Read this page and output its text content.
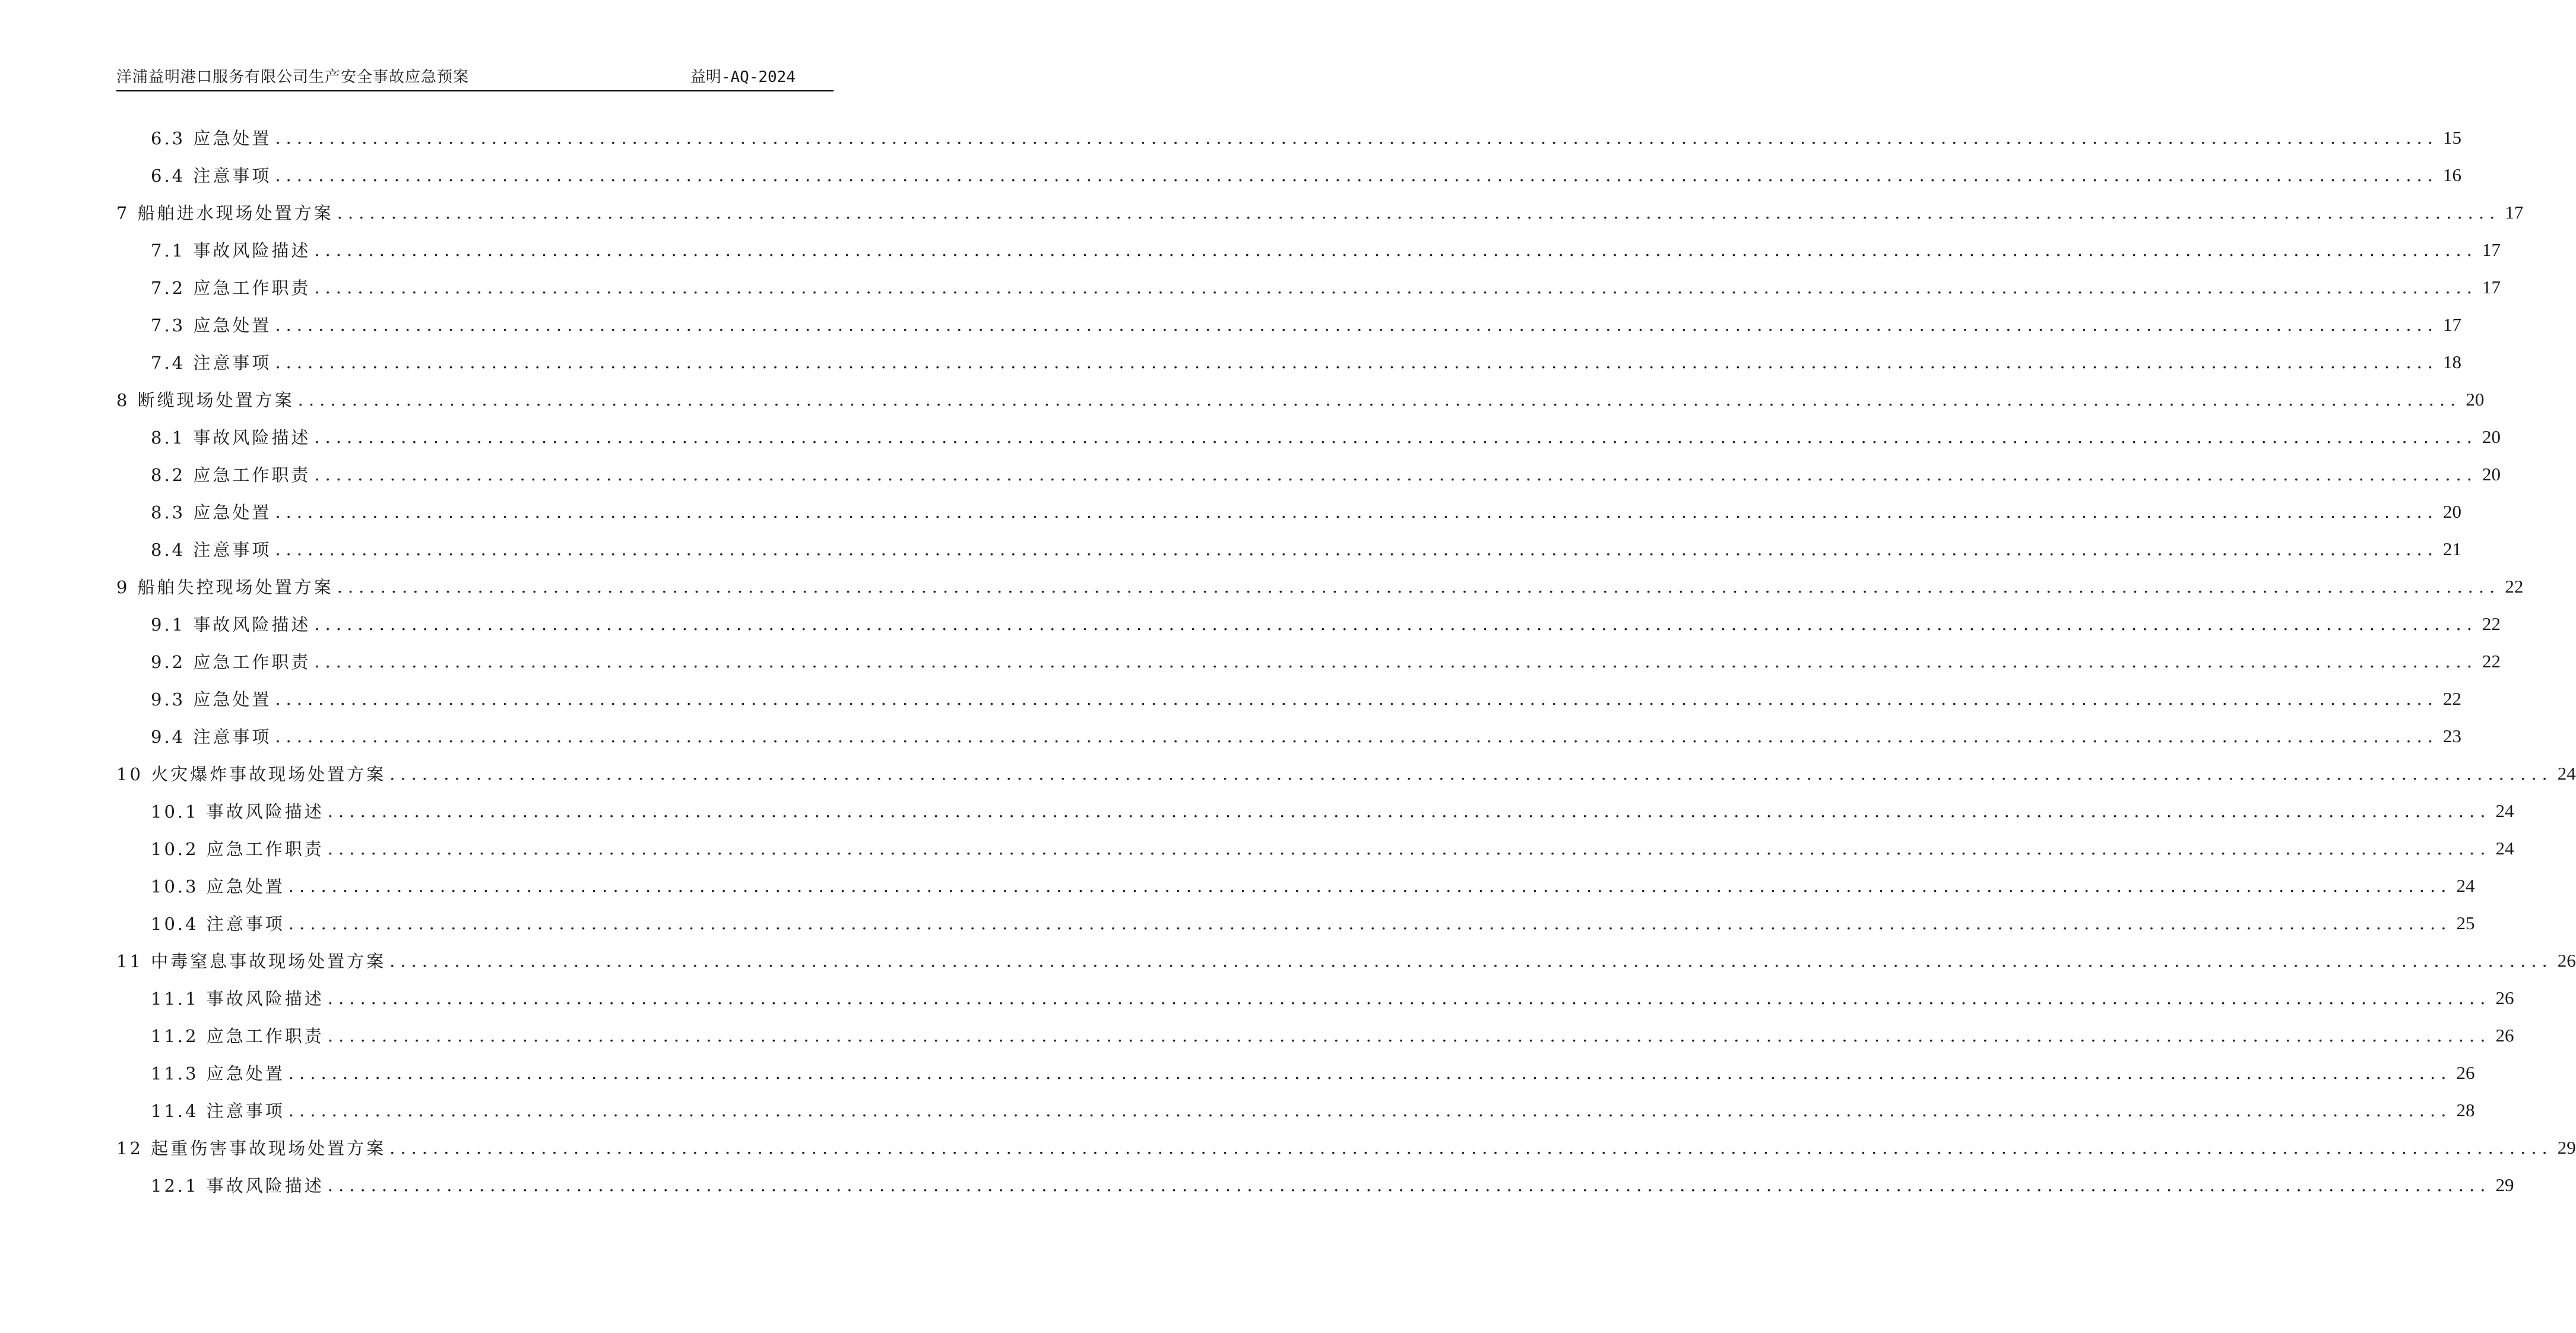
洋浦益明港口服务有限公司生产安全事故应急预案	益明-AQ-2024
6.3 应急处置 ........................................................................................................................................................................................................ 15
6.4 注意事项 ........................................................................................................................................................................................................ 16
7 船舶进水现场处置方案 ........................................................................................................................................................................................................ 17
7.1 事故风险描述 ........................................................................................................................................................................................................ 17
7.2 应急工作职责 ........................................................................................................................................................................................................ 17
7.3 应急处置 ........................................................................................................................................................................................................ 17
7.4 注意事项 ........................................................................................................................................................................................................ 18
8 断缆现场处置方案 ........................................................................................................................................................................................................ 20
8.1 事故风险描述 ........................................................................................................................................................................................................ 20
8.2 应急工作职责 ........................................................................................................................................................................................................ 20
8.3 应急处置 ........................................................................................................................................................................................................ 20
8.4 注意事项 ........................................................................................................................................................................................................ 21
9 船舶失控现场处置方案 ........................................................................................................................................................................................................ 22
9.1 事故风险描述 ........................................................................................................................................................................................................ 22
9.2 应急工作职责 ........................................................................................................................................................................................................ 22
9.3 应急处置 ........................................................................................................................................................................................................ 22
9.4 注意事项 ........................................................................................................................................................................................................ 23
10 火灾爆炸事故现场处置方案 ........................................................................................................................................................................................................ 24
10.1 事故风险描述 ........................................................................................................................................................................................................ 24
10.2 应急工作职责 ........................................................................................................................................................................................................ 24
10.3 应急处置 ........................................................................................................................................................................................................ 24
10.4 注意事项 ........................................................................................................................................................................................................ 25
11 中毒窒息事故现场处置方案 ........................................................................................................................................................................................................ 26
11.1 事故风险描述 ........................................................................................................................................................................................................ 26
11.2 应急工作职责 ........................................................................................................................................................................................................ 26
11.3 应急处置 ........................................................................................................................................................................................................ 26
11.4 注意事项 ........................................................................................................................................................................................................ 28
12 起重伤害事故现场处置方案 ........................................................................................................................................................................................................ 29
12.1 事故风险描述 ........................................................................................................................................................................................................ 29
